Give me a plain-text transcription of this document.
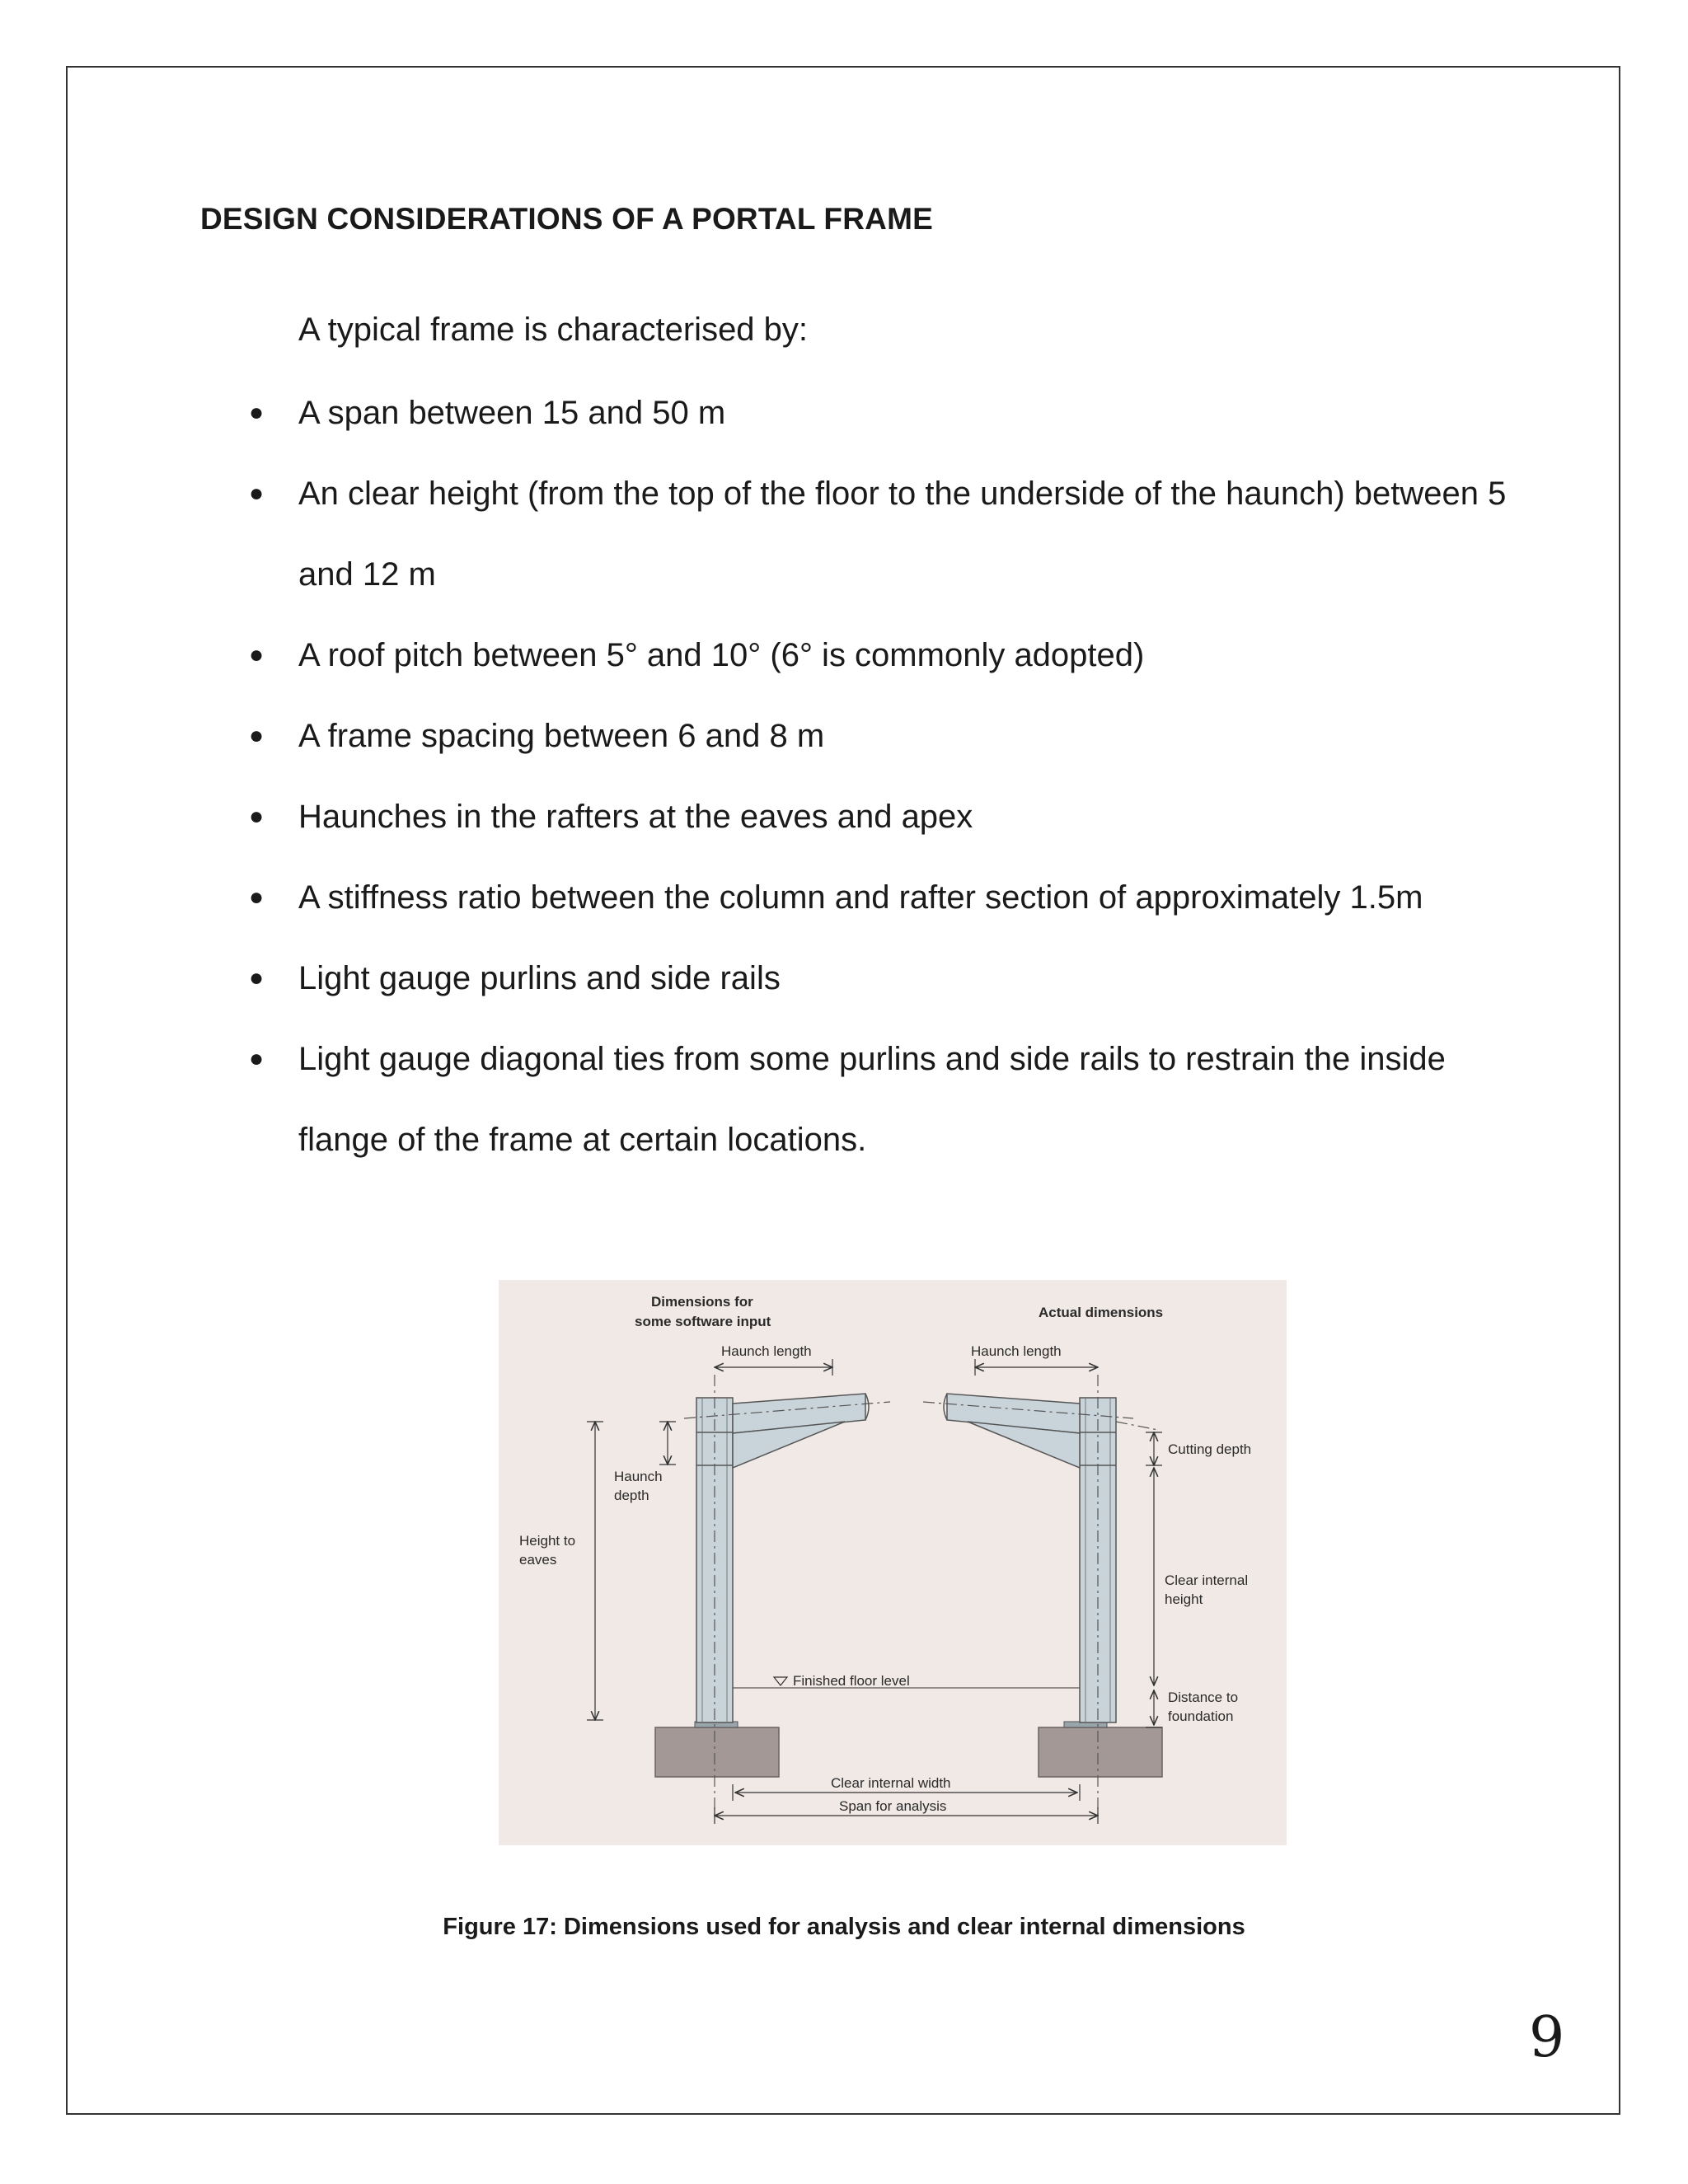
DESIGN CONSIDERATIONS OF A PORTAL FRAME
A typical frame is characterised by:
● A span between 15 and 50 m
● An clear height (from the top of the floor to the underside of the haunch) between 5 and 12 m
● A roof pitch between 5° and 10° (6° is commonly adopted)
● A frame spacing between 6 and 8 m
● Haunches in the rafters at the eaves and apex
● A stiffness ratio between the column and rafter section of approximately 1.5m
● Light gauge purlins and side rails
● Light gauge diagonal ties from some purlins and side rails to restrain the inside flange of the frame at certain locations.
Dimensions for
some software input
Actual dimensions
Haunch length	Haunch length
Haunch
depth
Height to
eaves
Cutting depth
Clear internal
height
Finished floor level
Distance to
foundation
Clear internal width
Span for analysis
Figure 17: Dimensions used for analysis and clear internal dimensions
9
